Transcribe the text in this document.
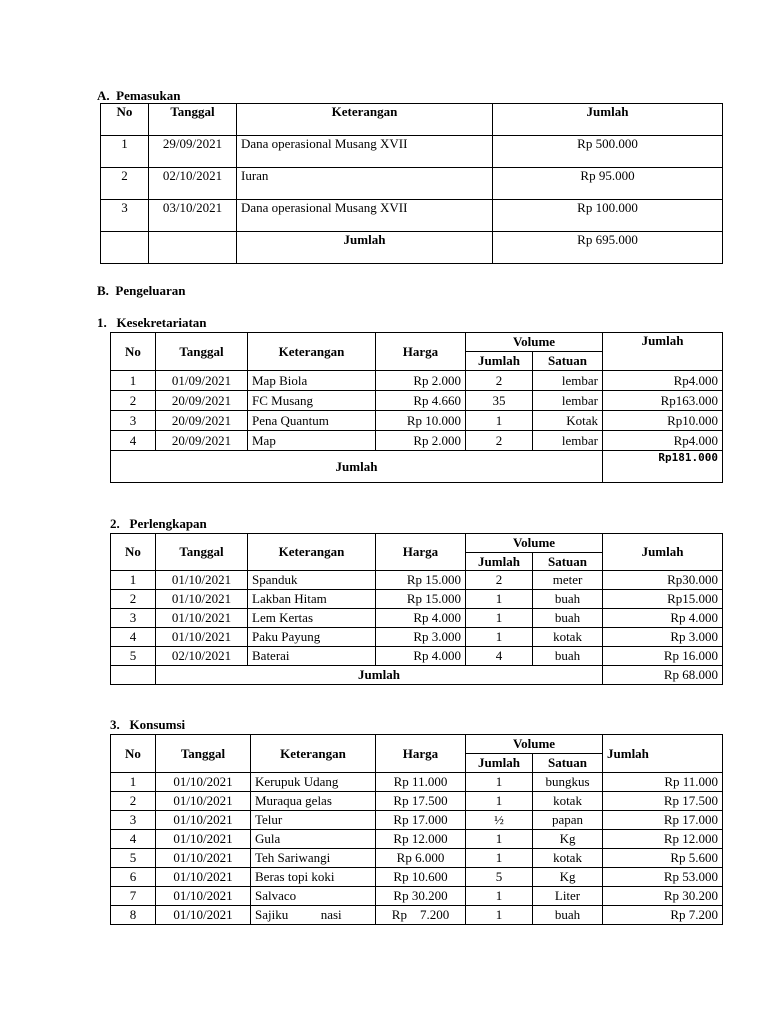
A.  Pemasukan
No	Tanggal	Keterangan	Jumlah
1	29/09/2021	Dana operasional Musang XVII	Rp 500.000
2	02/10/2021	Iuran	Rp 95.000
3	03/10/2021	Dana operasional Musang XVII	Rp 100.000
		Jumlah	Rp 695.000
B.  Pengeluaran
1.   Kesekretariatan
No	Tanggal	Keterangan	Harga	Volume		Jumlah
				Jumlah	Satuan	
1	01/09/2021	Map Biola	Rp 2.000	2	lembar	Rp4.000
2	20/09/2021	FC Musang	Rp 4.660	35	lembar	Rp163.000
3	20/09/2021	Pena Quantum	Rp 10.000	1	Kotak	Rp10.000
4	20/09/2021	Map	Rp 2.000	2	lembar	Rp4.000
Jumlah						Rp181.000
2.   Perlengkapan
No	Tanggal	Keterangan	Harga	Volume		Jumlah
				Jumlah	Satuan	
1	01/10/2021	Spanduk	Rp 15.000	2	meter	Rp30.000
2	01/10/2021	Lakban Hitam	Rp 15.000	1	buah	Rp15.000
3	01/10/2021	Lem Kertas	Rp 4.000	1	buah	Rp 4.000
4	01/10/2021	Paku Payung	Rp 3.000	1	kotak	Rp 3.000
5	02/10/2021	Baterai	Rp 4.000	4	buah	Rp 16.000
	Jumlah					Rp 68.000
3.   Konsumsi
No	Tanggal	Keterangan	Harga	Volume		Jumlah
				Jumlah	Satuan	
1	01/10/2021	Kerupuk Udang	Rp 11.000	1	bungkus	Rp 11.000
2	01/10/2021	Muraqua gelas	Rp 17.500	1	kotak	Rp 17.500
3	01/10/2021	Telur	Rp 17.000	½	papan	Rp 17.000
4	01/10/2021	Gula	Rp 12.000	1	Kg	Rp 12.000
5	01/10/2021	Teh Sariwangi	Rp 6.000	1	kotak	Rp 5.600
6	01/10/2021	Beras topi koki	Rp 10.600	5	Kg	Rp 53.000
7	01/10/2021	Salvaco	Rp 30.200	1	Liter	Rp 30.200
8	01/10/2021	Sajiku          nasi	Rp    7.200	1	buah	Rp 7.200
